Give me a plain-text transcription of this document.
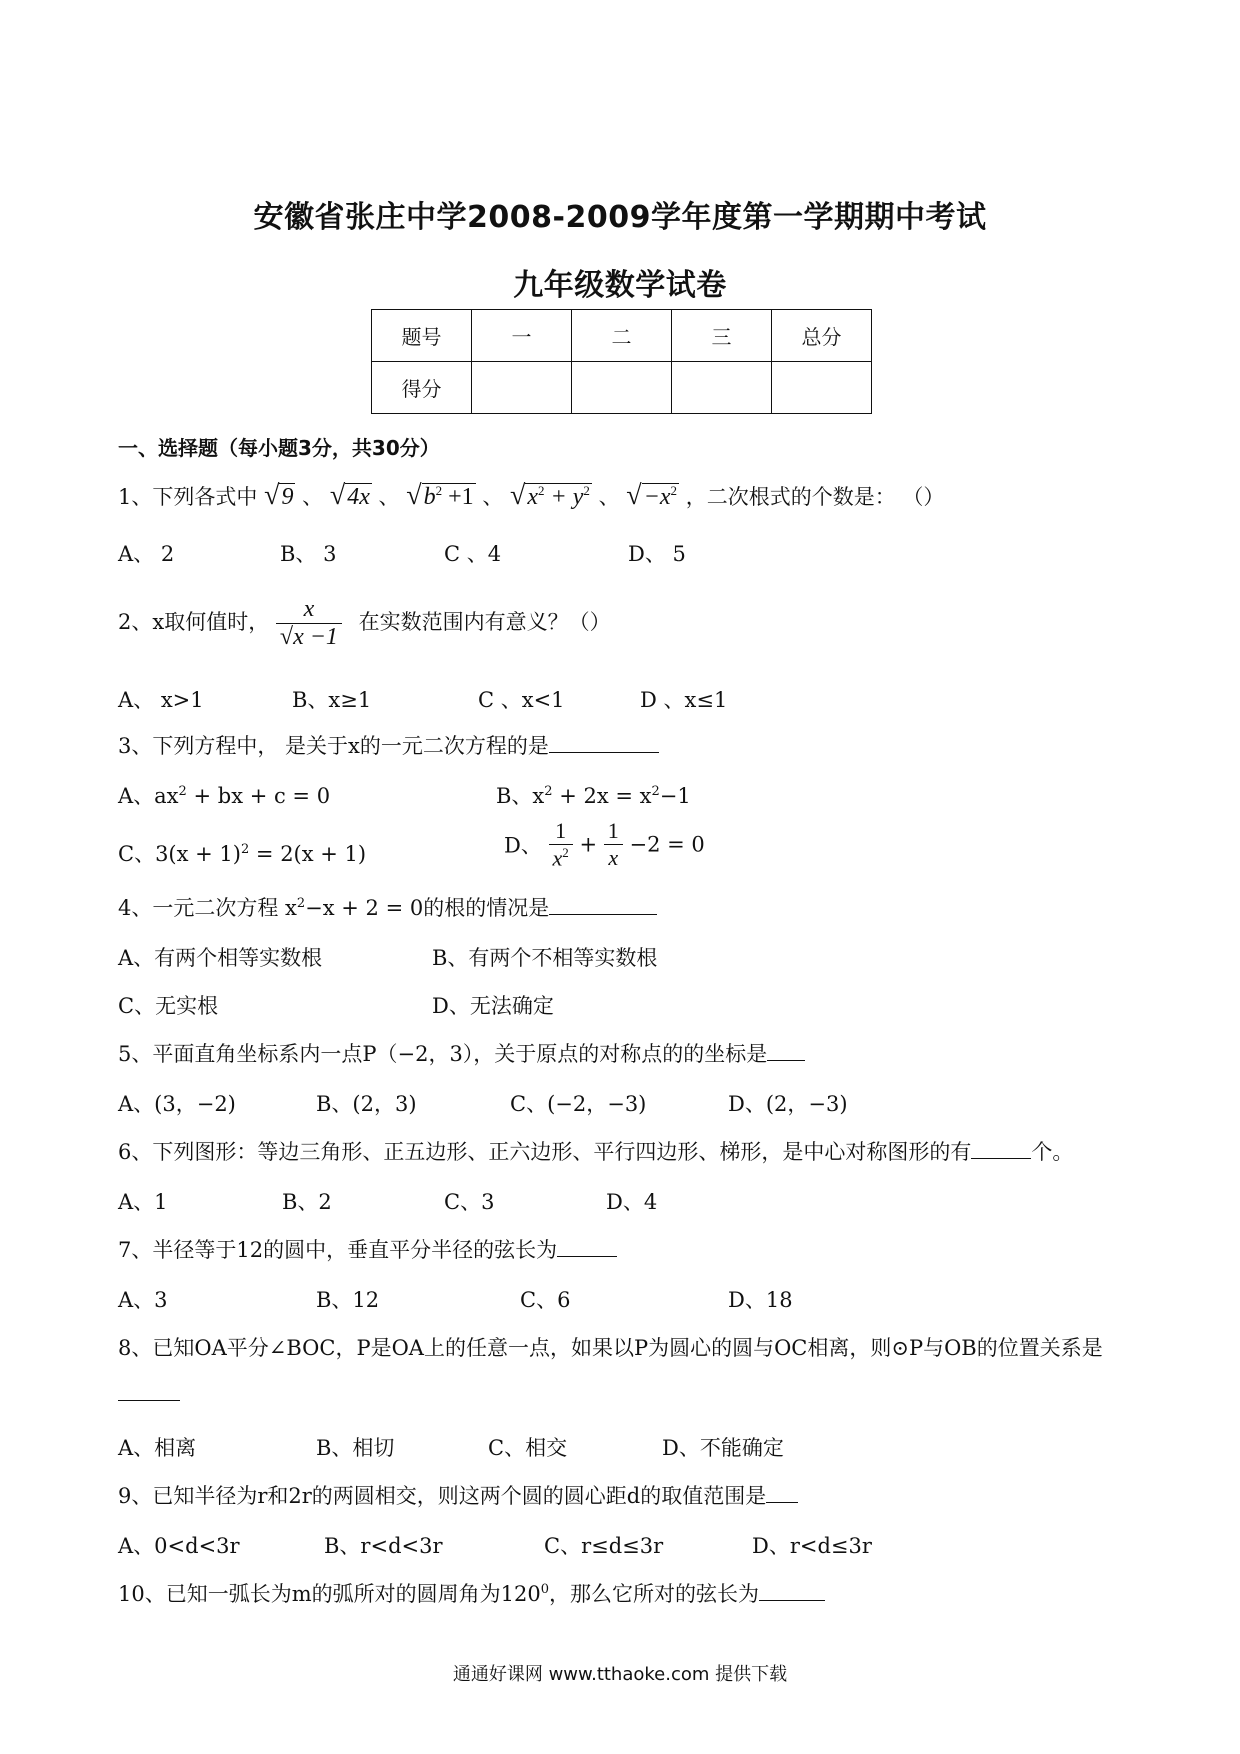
安徽省张庄中学2008-2009学年度第一学期期中考试
九年级数学试卷
题号	一	二	三	总分
得分				
一、选择题（每小题3分，共30分）
1、下列各式中 √9 、 √4x 、 $√b^2 +1$ 、 $√x^2 + y^2$ 、 $√-x^2$ ，二次根式的个数是： （）
A、 2	B、 3	C 、4	D、 5
2、x取何值时， $\frac{x}{√x -1}$ 在实数范围内有意义？（）
A、 x>1	B、x≥1	C 、x<1	D 、x≤1
3、下列方程中， 是关于x的一元二次方程的是
A、$ax^2$ + bx + c = 0	B、$x^2 + 2x = x^2-1$
C、$3(x + 1)^2 = 2(x + 1)$	D、 $\frac{1}{x^2} + \frac{1}{x} -2 = 0$
4、一元二次方程 $x^2-x + 2 = 0$的根的情况是
A、有两个相等实数根	B、有两个不相等实数根
C、无实根	D、无法确定
5、平面直角坐标系内一点P（−2，3），关于原点的对称点的的坐标是
A、(3，−2)	B、(2，3)	C、(−2，−3)	D、(2，−3)
6、下列图形：等边三角形、正五边形、正六边形、平行四边形、梯形，是中心对称图形的有	个。
A、1	B、2	C、3	D、4
7、半径等于12的圆中，垂直平分半径的弦长为
A、3	B、12	C、6	D、18
8、已知OA平分∠BOC，P是OA上的任意一点，如果以P为圆心的圆与OC相离，则⊙P与OB的位置关系是
A、相离	B、相切	C、相交	D、不能确定
9、已知半径为r和2r的两圆相交，则这两个圆的圆心距d的取值范围是
A、0<d<3r	B、r<d<3r	C、r≤d≤3r	D、r<d≤3r
10、已知一弧长为m的弧所对的圆周角为$120^0$，那么它所对的弦长为
通通好课网 www.tthaoke.com 提供下载
